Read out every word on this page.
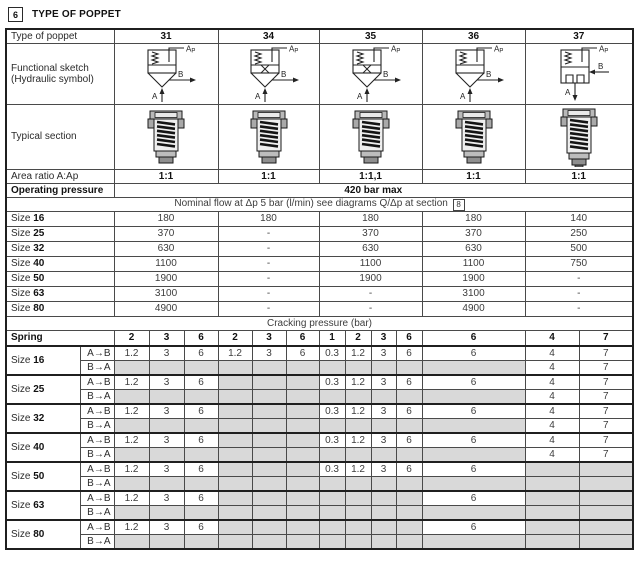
6	TYPE OF POPPET
Type of poppet		31			34			35				36	37	
Functional sketch
(Hydraulic symbol)		AP
B
A			AP
B
A			AP
B
A				AP
B
A	AP
B
A	

Typical section	

Area ratio A:Ap		1:1			1:1			1:1,1				1:1	1:1	
Operating pressure		420 bar max												
Nominal flow at Δp 5 bar (l/min) see diagrams Q/Δp at section 8														
Size 16		180			180			180				180	140	
Size 25		370			-			370				370	250	
Size 32		630			-			630				630	500	
Size 40		1100			-			1100				1100	750	
Size 50		1900			-			1900				1900	-	
Size 63		3100			-			-				3100	-	
Size 80		4900			-			-				4900	-	
Cracking pressure (bar)														
Spring		2	3	6	2	3	6	1	2	3	6	6	4	7
Size 16	A→B	1.2	3	6	1.2	3	6	0.3	1.2	3	6	6	4	7
	B→A												4	7
Size 25	A→B	1.2	3	6				0.3	1.2	3	6	6	4	7
	B→A												4	7
Size 32	A→B	1.2	3	6				0.3	1.2	3	6	6	4	7
	B→A												4	7
Size 40	A→B	1.2	3	6				0.3	1.2	3	6	6	4	7
	B→A												4	7
Size 50	A→B	1.2	3	6				0.3	1.2	3	6	6		
	B→A													
Size 63	A→B	1.2	3	6								6		
	B→A													
Size 80	A→B	1.2	3	6								6		
	B→A													
